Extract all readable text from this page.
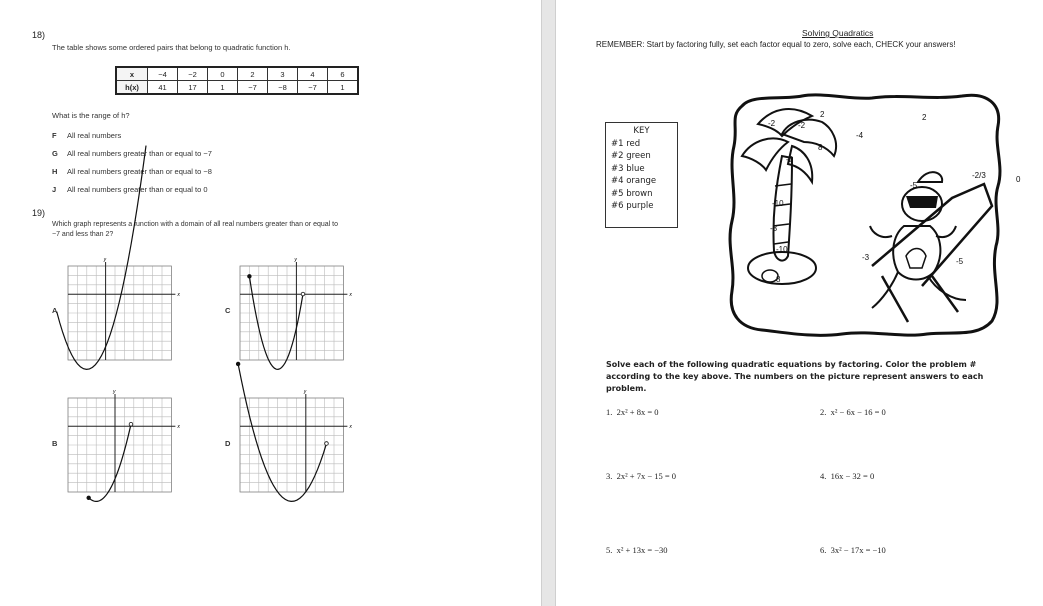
18)
The table shows some ordered pairs that belong to quadratic function h.
x	−4	−2	0	2	3	4	6
h(x)	41	17	1	−7	−8	−7	1
What is the range of h?
F All real numbers
G All real numbers greater than or equal to −7
H All real numbers greater than or equal to −8
J All real numbers greater than or equal to 0
19)
Which graph represents a function with a domain of all real numbers greater than or equal to
−7 and less than 2?
A	C
B	D
x
y
x
y
x
y
x
y
Solving Quadratics
REMEMBER: Start by factoring fully, set each factor equal to zero, solve each, CHECK your answers!
KEY
#1 red
#2 green
#3 blue
#4 orange
#5 brown
#6 purple
2
-2	-2
-4
2
8
-2
-5
-2/3	0
-10
-3
-3
-10
8
-5
Solve each of the following quadratic equations by factoring. Color the problem #
according to the key above. The numbers on the picture represent answers to each
problem.
1. 2x² + 8x = 0	2. x² − 6x − 16 = 0
3. 2x² + 7x − 15 = 0	4. 16x − 32 = 0
5. x² + 13x = −30	6. 3x² − 17x = −10
